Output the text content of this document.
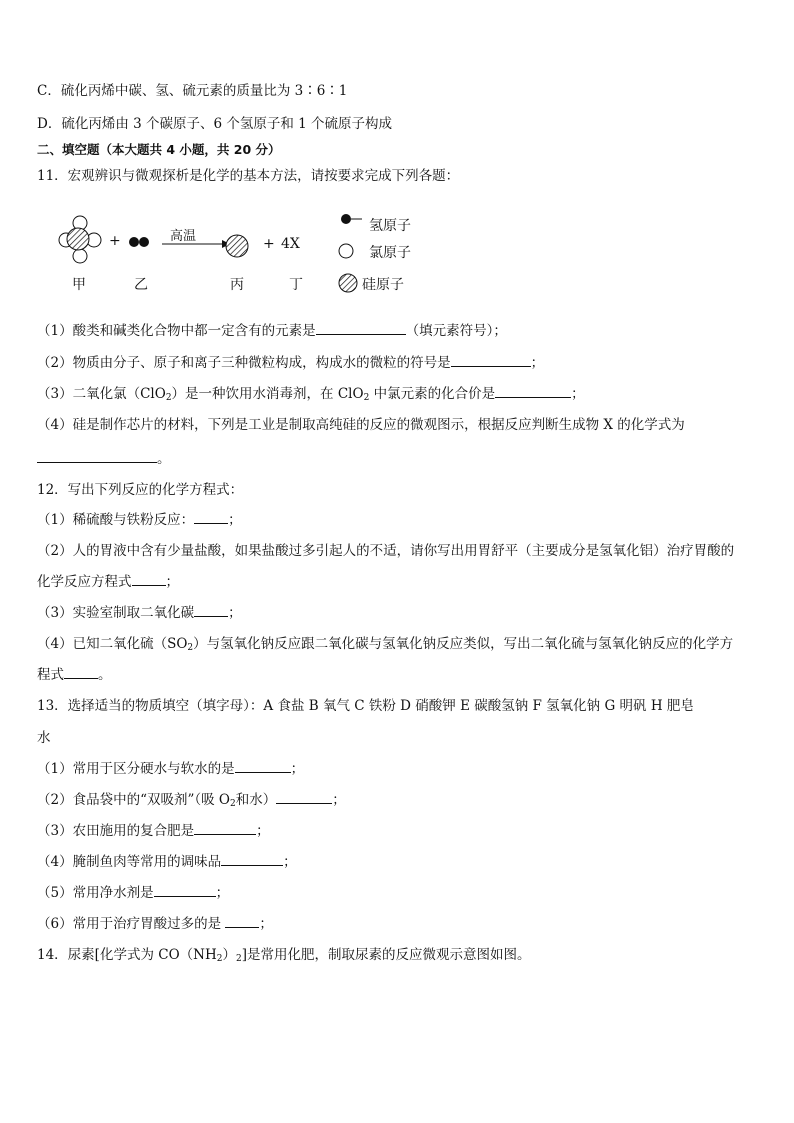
C．硫化丙烯中碳、氢、硫元素的质量比为 3∶6∶1
D．硫化丙烯由 3 个碳原子、6 个氢原子和 1 个硫原子构成
二、填空题（本大题共 4 小题，共 20 分）
11．宏观辨识与微观探析是化学的基本方法，请按要求完成下列各题：
+	高温	+ 4X
甲	乙	丙	丁
氢原子
氯原子
硅原子
（1）酸类和碱类化合物中都一定含有的元素是	（填元素符号）；
（2）物质由分子、原子和离子三种微粒构成，构成水的微粒的符号是	；
（3）二氧化氯（ClO$_2$）是一种饮用水消毒剂，在 ClO$_2$ 中氯元素的化合价是	；
（4）硅是制作芯片的材料，下列是工业是制取高纯硅的反应的微观图示，根据反应判断生成物 X 的化学式为
。
12．写出下列反应的化学方程式：
（1）稀硫酸与铁粉反应：	；
（2）人的胃液中含有少量盐酸，如果盐酸过多引起人的不适，请你写出用胃舒平（主要成分是氢氧化铝）治疗胃酸的
化学反应方程式	；
（3）实验室制取二氧化碳	；
（4）已知二氧化硫$(SO_2)$与氢氧化钠反应跟二氧化碳与氢氧化钠反应类似，写出二氧化硫与氢氧化钠反应的化学方
程式	。
13．选择适当的物质填空（填字母）：A 食盐 B 氧气 C 铁粉 D 硝酸钾 E 碳酸氢钠 F 氢氧化钠 G 明矾 H 肥皂
水
（1）常用于区分硬水与软水的是	；
（2）食品袋中的“双吸剂”（吸 $O_2$和水）	；
（3）农田施用的复合肥是	；
（4）腌制鱼肉等常用的调味品	；
（5）常用净水剂是	；
（6）常用于治疗胃酸过多的是	；
14．尿素[化学式为 $CO(NH_2)_2$]是常用化肥，制取尿素的反应微观示意图如图。
